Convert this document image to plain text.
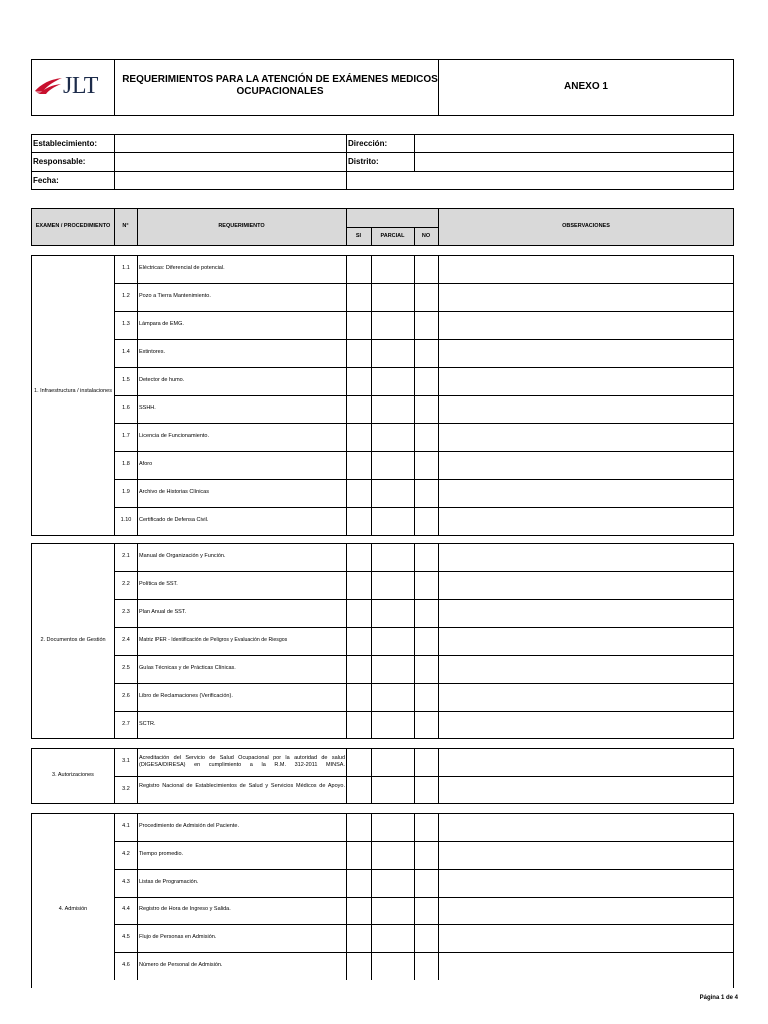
JLT	REQUERIMIENTOS PARA LA ATENCIÓN DE EXÁMENES MEDICOS OCUPACIONALES	ANEXO 1
Establecimiento:	Dirección:
Responsable:	Distrito:
Fecha:
EXAMEN / PROCEDIMIENTO	N°	REQUERIMIENTO
SI	PARCIAL	NO
OBSERVACIONES
1. Infraestructura / instalaciones
1.1	Eléctricas: Diferencial de potencial.
1.2	Pozo a Tierra Mantenimiento.
1.3	Lámpara de EMG.
1.4	Extintores.
1.5	Detector de humo.
1.6	SSHH.
1.7	Licencia de Funcionamiento.
1.8	Aforo
1.9	Archivo de Historias Clínicas
1.10	Certificado de Defensa Civil.
2. Documentos de Gestión
2.1	Manual de Organización y Función.
2.2	Política de SST.
2.3	Plan Anual de SST.
2.4	Matriz IPER - Identificación de Peligros y Evaluación de Riesgos
2.5	Guías Técnicas y de Prácticas Clínicas.
2.6	Libro de Reclamaciones (Verificación).
2.7	SCTR.
3. Autorizaciones
3.1	Acreditación del Servicio de Salud Ocupacional por la autoridad de salud (DIGESA/DIRESA) en cumplimiento a la R.M. 312-2011 MINSA.
3.2	Registro Nacional de Establecimientos de Salud y Servicios Médicos de Apoyo.
4. Admisión
4.1	Procedimiento de Admisión del Paciente.
4.2	Tiempo promedio.
4.3	Listas de Programación.
4.4	Registro de Hora de Ingreso y Salida.
4.5	Flujo de Personas en Admisión.
4.6	Número de Personal de Admisión.
Página 1 de 4
